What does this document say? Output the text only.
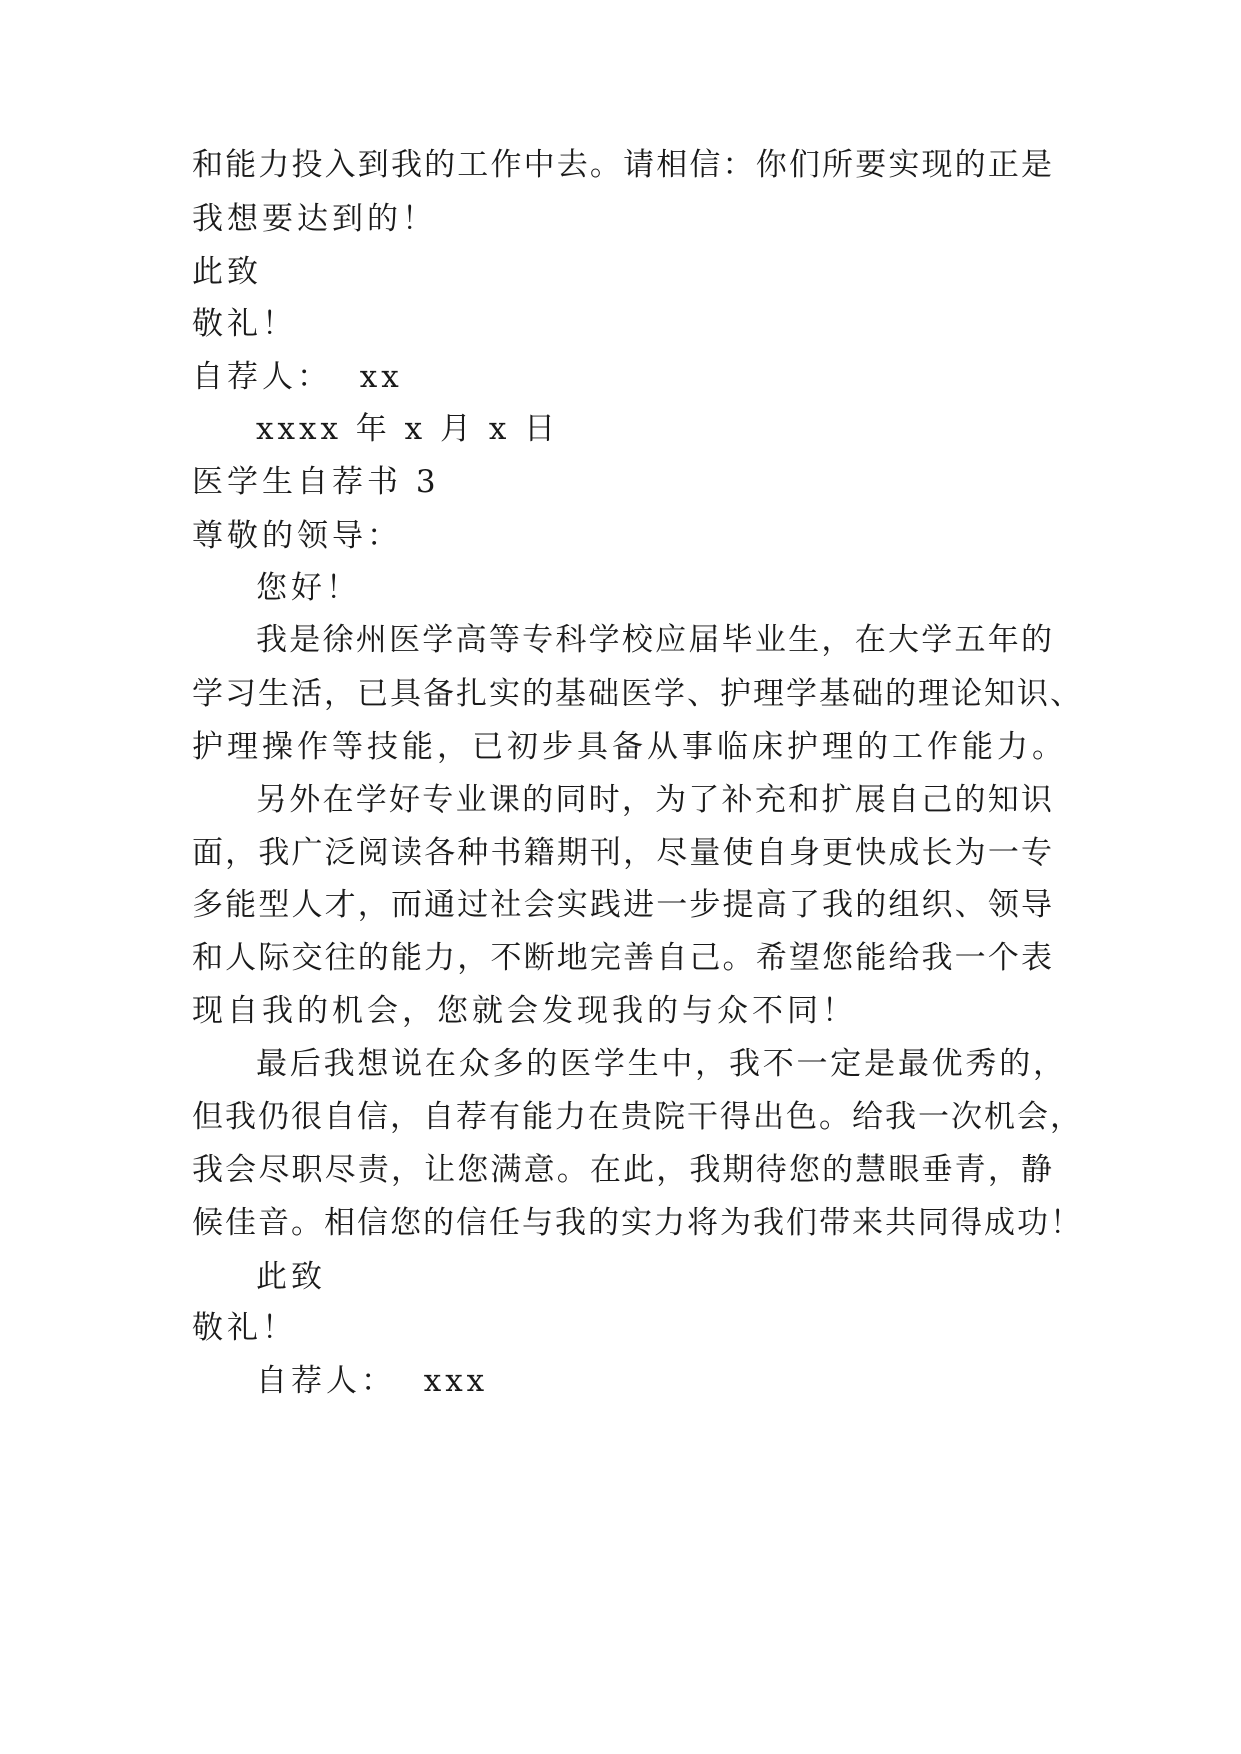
和能力投入到我的工作中去。请相信：你们所要实现的正是
我想要达到的！
此致
敬礼！
自荐人：  xx
xxxx 年 x 月 x 日
医学生自荐书 3
尊敬的领导：
您好！
我是徐州医学高等专科学校应届毕业生，在大学五年的
学习生活，已具备扎实的基础医学、护理学基础的理论知识、
护理操作等技能，已初步具备从事临床护理的工作能力。
另外在学好专业课的同时，为了补充和扩展自己的知识
面，我广泛阅读各种书籍期刊，尽量使自身更快成长为一专
多能型人才，而通过社会实践进一步提高了我的组织、领导
和人际交往的能力，不断地完善自己。希望您能给我一个表
现自我的机会，您就会发现我的与众不同！
最后我想说在众多的医学生中，我不一定是最优秀的，
但我仍很自信，自荐有能力在贵院干得出色。给我一次机会，
我会尽职尽责，让您满意。在此，我期待您的慧眼垂青，静
候佳音。相信您的信任与我的实力将为我们带来共同得成功！
此致
敬礼！
自荐人：  xxx
